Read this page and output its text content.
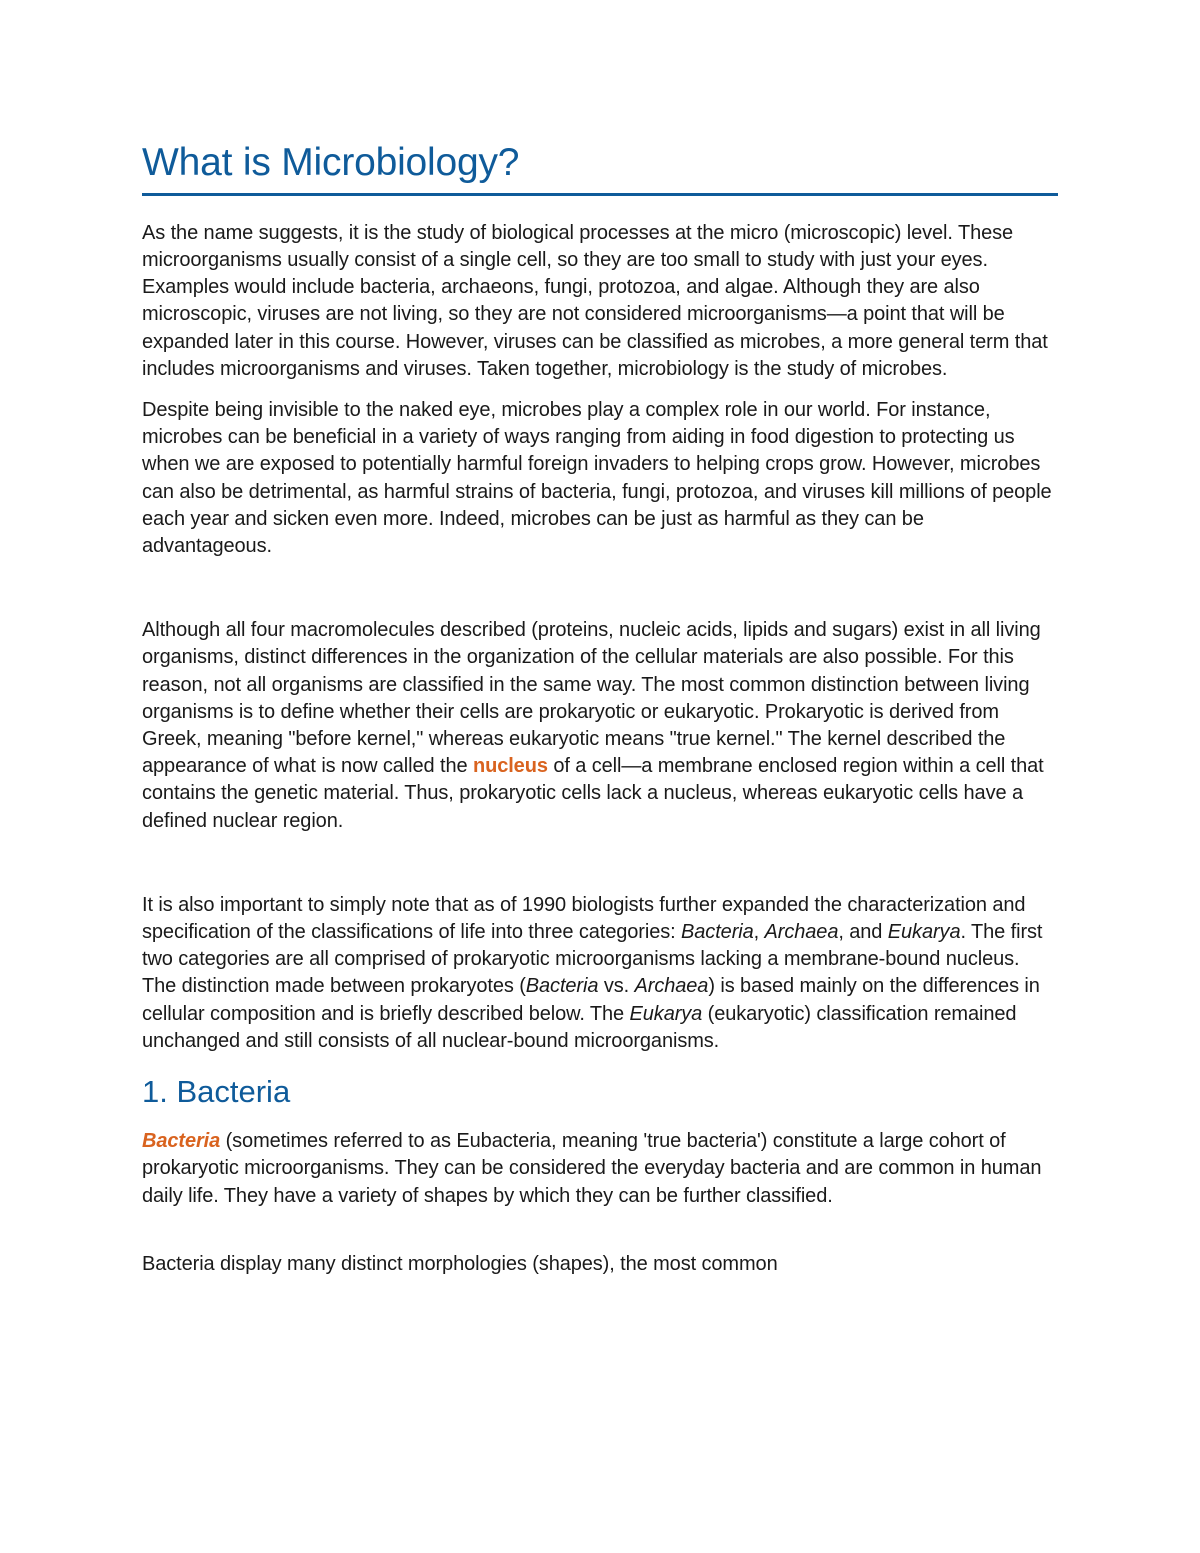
What is Microbiology?

As the name suggests, it is the study of biological processes at the micro (microscopic) level. These microorganisms usually consist of a single cell, so they are too small to study with just your eyes. Examples would include bacteria, archaeons, fungi, protozoa, and algae. Although they are also microscopic, viruses are not living, so they are not considered microorganisms—a point that will be expanded later in this course. However, viruses can be classified as microbes, a more general term that includes microorganisms and viruses. Taken together, microbiology is the study of microbes.

Despite being invisible to the naked eye, microbes play a complex role in our world. For instance, microbes can be beneficial in a variety of ways ranging from aiding in food digestion to protecting us when we are exposed to potentially harmful foreign invaders to helping crops grow. However, microbes can also be detrimental, as harmful strains of bacteria, fungi, protozoa, and viruses kill millions of people each year and sicken even more. Indeed, microbes can be just as harmful as they can be advantageous.

Although all four macromolecules described (proteins, nucleic acids, lipids and sugars) exist in all living organisms, distinct differences in the organization of the cellular materials are also possible. For this reason, not all organisms are classified in the same way. The most common distinction between living organisms is to define whether their cells are prokaryotic or eukaryotic. Prokaryotic is derived from Greek, meaning "before kernel," whereas eukaryotic means "true kernel." The kernel described the appearance of what is now called the nucleus of a cell—a membrane enclosed region within a cell that contains the genetic material. Thus, prokaryotic cells lack a nucleus, whereas eukaryotic cells have a defined nuclear region.

It is also important to simply note that as of 1990 biologists further expanded the characterization and specification of the classifications of life into three categories: Bacteria, Archaea, and Eukarya. The first two categories are all comprised of prokaryotic microorganisms lacking a membrane-bound nucleus. The distinction made between prokaryotes (Bacteria vs. Archaea) is based mainly on the differences in cellular composition and is briefly described below. The Eukarya (eukaryotic) classification remained unchanged and still consists of all nuclear-bound microorganisms.

1. Bacteria

Bacteria (sometimes referred to as Eubacteria, meaning 'true bacteria') constitute a large cohort of prokaryotic microorganisms. They can be considered the everyday bacteria and are common in human daily life. They have a variety of shapes by which they can be further classified.

Bacteria display many distinct morphologies (shapes), the most common
